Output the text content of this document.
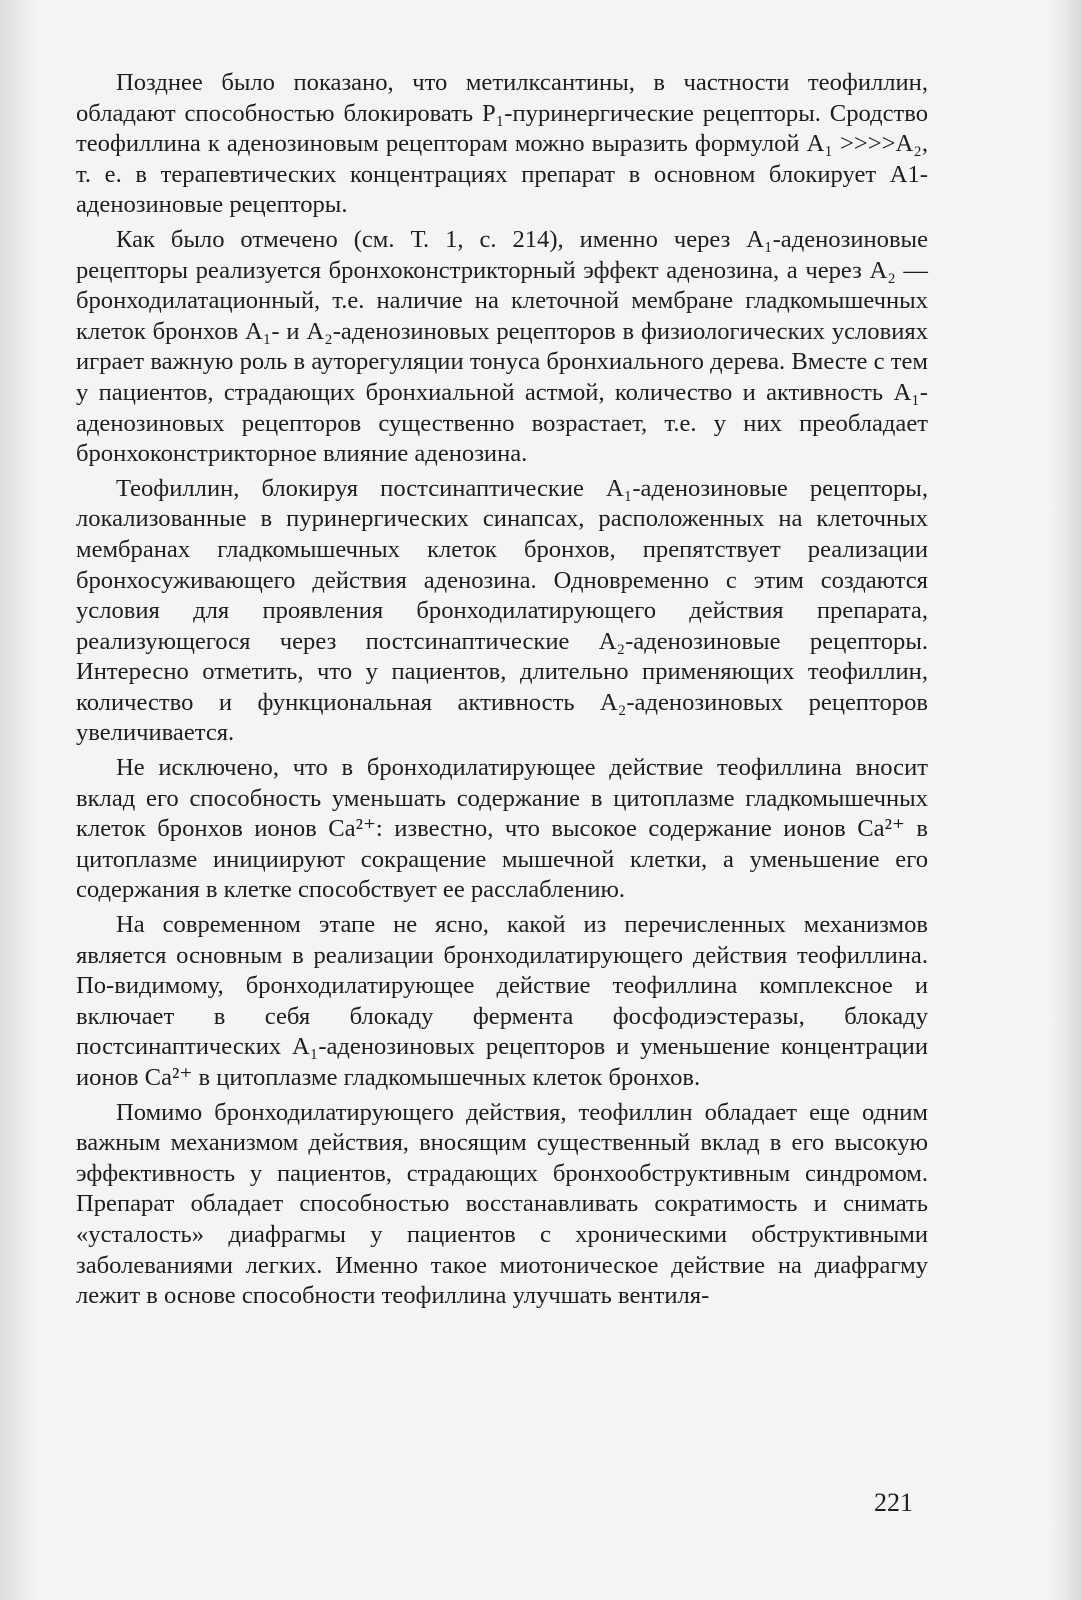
Позднее было показано, что метилксантины, в частности теофиллин, обладают способностью блокировать P₁-пуринергические рецепторы. Сродство теофиллина к аденозиновым рецепторам можно выразить формулой A₁ >>>>A₂, т. е. в терапевтических концентрациях препарат в основном блокирует A1-аденозиновые рецепторы.

Как было отмечено (см. Т. 1, с. 214), именно через A₁-аденозиновые рецепторы реализуется бронхоконстрикторный эффект аденозина, а через A₂ — бронходилатационный, т.е. наличие на клеточной мембране гладкомышечных клеток бронхов A₁- и A₂-аденозиновых рецепторов в физиологических условиях играет важную роль в ауторегуляции тонуса бронхиального дерева. Вместе с тем у пациентов, страдающих бронхиальной астмой, количество и активность A₁-аденозиновых рецепторов существенно возрастает, т.е. у них преобладает бронхоконстрикторное влияние аденозина.

Теофиллин, блокируя постсинаптические A₁-аденозиновые рецепторы, локализованные в пуринергических синапсах, расположенных на клеточных мембранах гладкомышечных клеток бронхов, препятствует реализации бронхосуживающего действия аденозина. Одновременно с этим создаются условия для проявления бронходилатирующего действия препарата, реализующегося через постсинаптические A₂-аденозиновые рецепторы. Интересно отметить, что у пациентов, длительно применяющих теофиллин, количество и функциональная активность A₂-аденозиновых рецепторов увеличивается.

Не исключено, что в бронходилатирующее действие теофиллина вносит вклад его способность уменьшать содержание в цитоплазме гладкомышечных клеток бронхов ионов Ca²⁺: известно, что высокое содержание ионов Ca²⁺ в цитоплазме инициируют сокращение мышечной клетки, а уменьшение его содержания в клетке способствует ее расслаблению.

На современном этапе не ясно, какой из перечисленных механизмов является основным в реализации бронходилатирующего действия теофиллина. По-видимому, бронходилатирующее действие теофиллина комплексное и включает в себя блокаду фермента фосфодиэстеразы, блокаду постсинаптических A₁-аденозиновых рецепторов и уменьшение концентрации ионов Ca²⁺ в цитоплазме гладкомышечных клеток бронхов.

Помимо бронходилатирующего действия, теофиллин обладает еще одним важным механизмом действия, вносящим существенный вклад в его высокую эффективность у пациентов, страдающих бронхообструктивным синдромом. Препарат обладает способностью восстанавливать сократимость и снимать «усталость» диафрагмы у пациентов с хроническими обструктивными заболеваниями легких. Именно такое миотоническое действие на диафрагму лежит в основе способности теофиллина улучшать вентиля-

221
